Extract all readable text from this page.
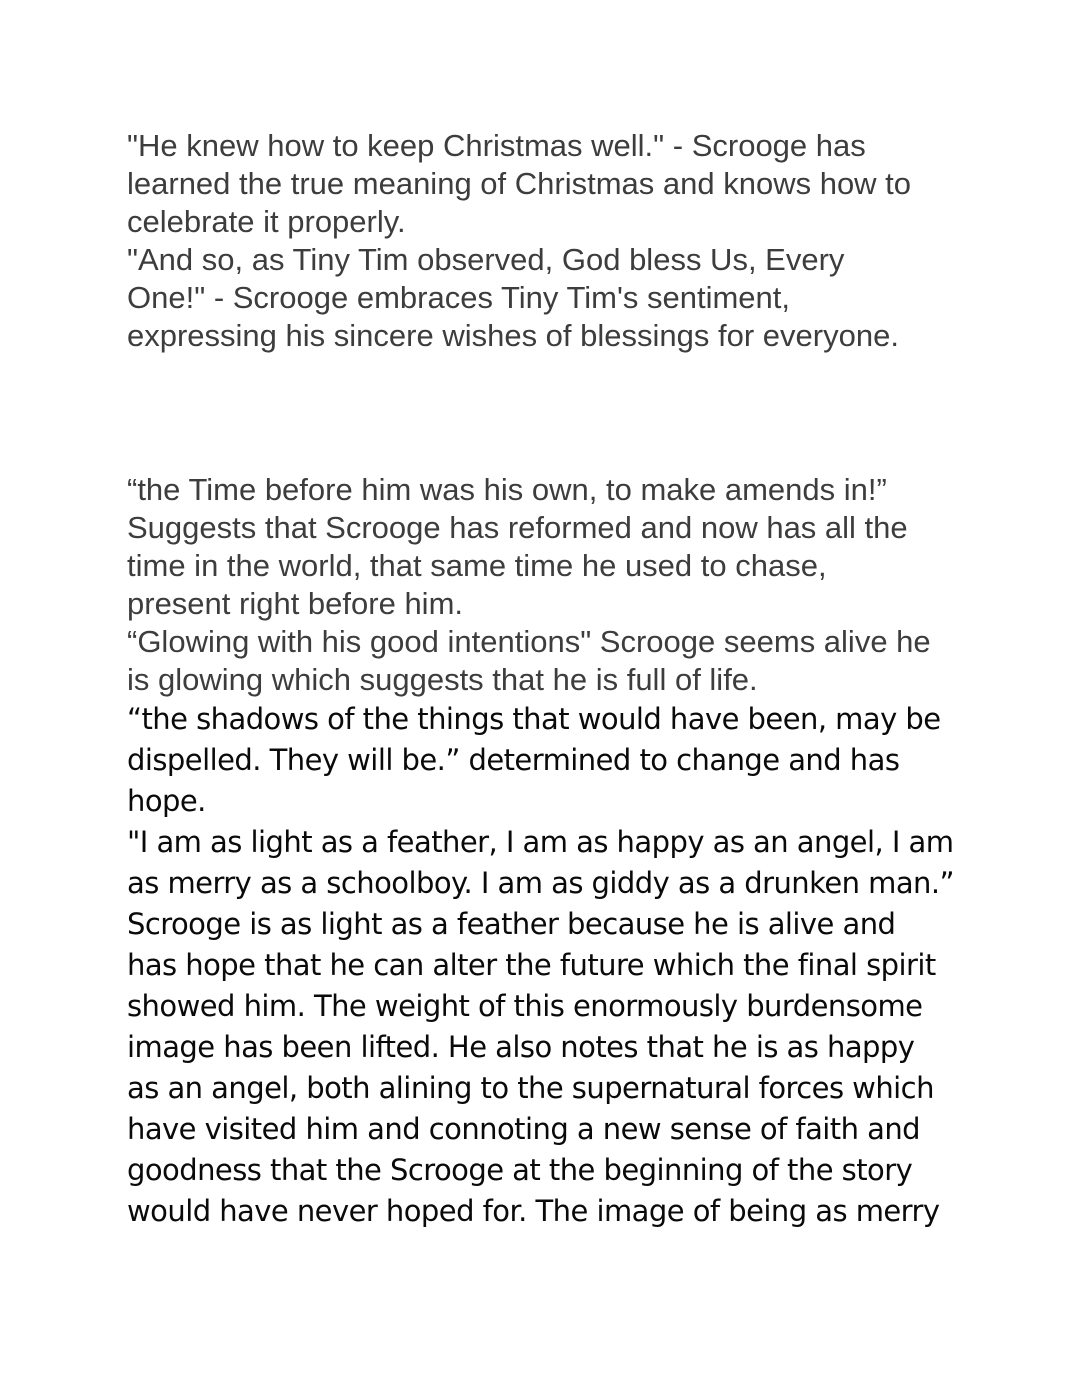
"He knew how to keep Christmas well." - Scrooge has

learned the true meaning of Christmas and knows how to

celebrate it properly.

"And so, as Tiny Tim observed, God bless Us, Every

One!" - Scrooge embraces Tiny Tim's sentiment,

expressing his sincere wishes of blessings for everyone.

“the Time before him was his own, to make amends in!”

Suggests that Scrooge has reformed and now has all the

time in the world, that same time he used to chase,

present right before him.

“Glowing with his good intentions" Scrooge seems alive he

is glowing which suggests that he is full of life.

“the shadows of the things that would have been, may be

dispelled. They will be.” determined to change and has

hope.

"I am as light as a feather, I am as happy as an angel, I am

as merry as a schoolboy. I am as giddy as a drunken man.”

Scrooge is as light as a feather because he is alive and

has hope that he can alter the future which the final spirit

showed him. The weight of this enormously burdensome

image has been lifted. He also notes that he is as happy

as an angel, both alining to the supernatural forces which

have visited him and connoting a new sense of faith and

goodness that the Scrooge at the beginning of the story

would have never hoped for. The image of being as merry
